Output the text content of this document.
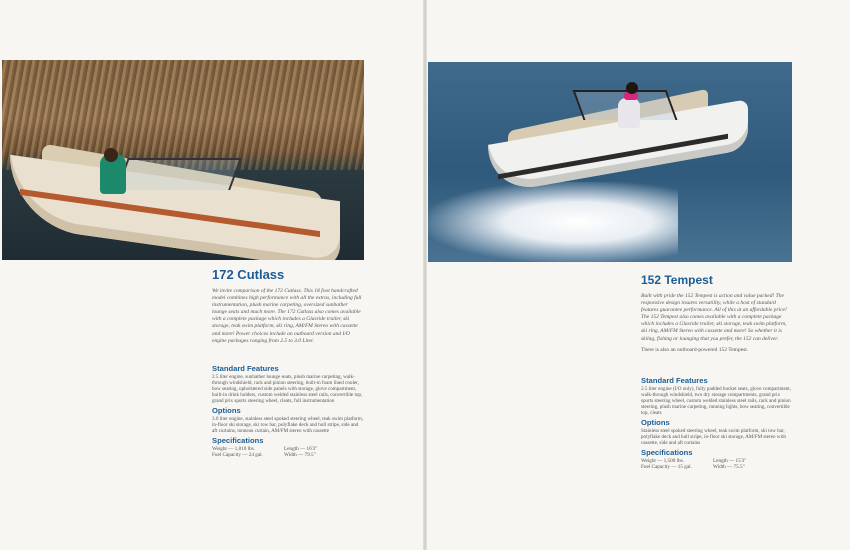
172 Cutlass

We invite comparison of the 172 Cutlass. This 18 foot handcrafted model combines high performance with all the extras, including full instrumentation, plush marine carpeting, oversized sunbather lounge seats and much more. The 172 Cutlass also comes available with a complete package which includes a Glasride trailer, ski storage, teak swim platform, ski ring, AM/FM Stereo with cassette and more! Power choices include an outboard version and I/O engine packages ranging from 2.5 to 3.0 Liter.

Standard Features

2.5 liter engine, sunbather lounge seats, plush marine carpeting, walk-through windshield, rack and pinion steering, built-in foam lined cooler, bow seating, upholstered side panels with storage, glove compartment, built-in drink holders, custom welded stainless steel rails, convertible top, grand prix sports steering wheel, cleats, full instrumentation

Options

3.0 liter engine, stainless steel spoked steering wheel, teak swim platform, in-floor ski storage, ski tow bar, polyflake deck and hull stripe, side and aft curtains, tonneau curtain, AM/FM stereo with cassette

Specifications
Weight — 1,810 lbs.	Length — 16'3"
Fuel Capacity — 24 gal.	Width — 79.5"
152 Tempest

Built with pride the 152 Tempest is action and value packed! The responsive design insures versatility, while a host of standard features guarantee performance. All of this at an affordable price! The 152 Tempest also comes available with a complete package which includes a Glasride trailer, ski storage, teak swim platform, ski ring, AM/FM Stereo with cassette and more! So whether it is skiing, fishing or lounging that you prefer, the 152 can deliver.

There is also an outboard-powered 152 Tempest.

Standard Features

2.5 liter engine (I/O only), fully padded bucket seats, glove compartment, walk-through windshield, two dry storage compartments, grand prix sports steering wheel, custom welded stainless steel rails, rack and pinion steering, plush marine carpeting, running lights, bow seating, convertible top, cleats

Options

Stainless steel spoked steering wheel, teak swim platform, ski tow bar, polyflake deck and hull stripe, in-floor ski storage, AM/FM stereo with cassette, side and aft curtains

Specifications
Weight — 1,500 lbs.	Length — 15'3"
Fuel Capacity — 15 gal.	Width — 75.5"
